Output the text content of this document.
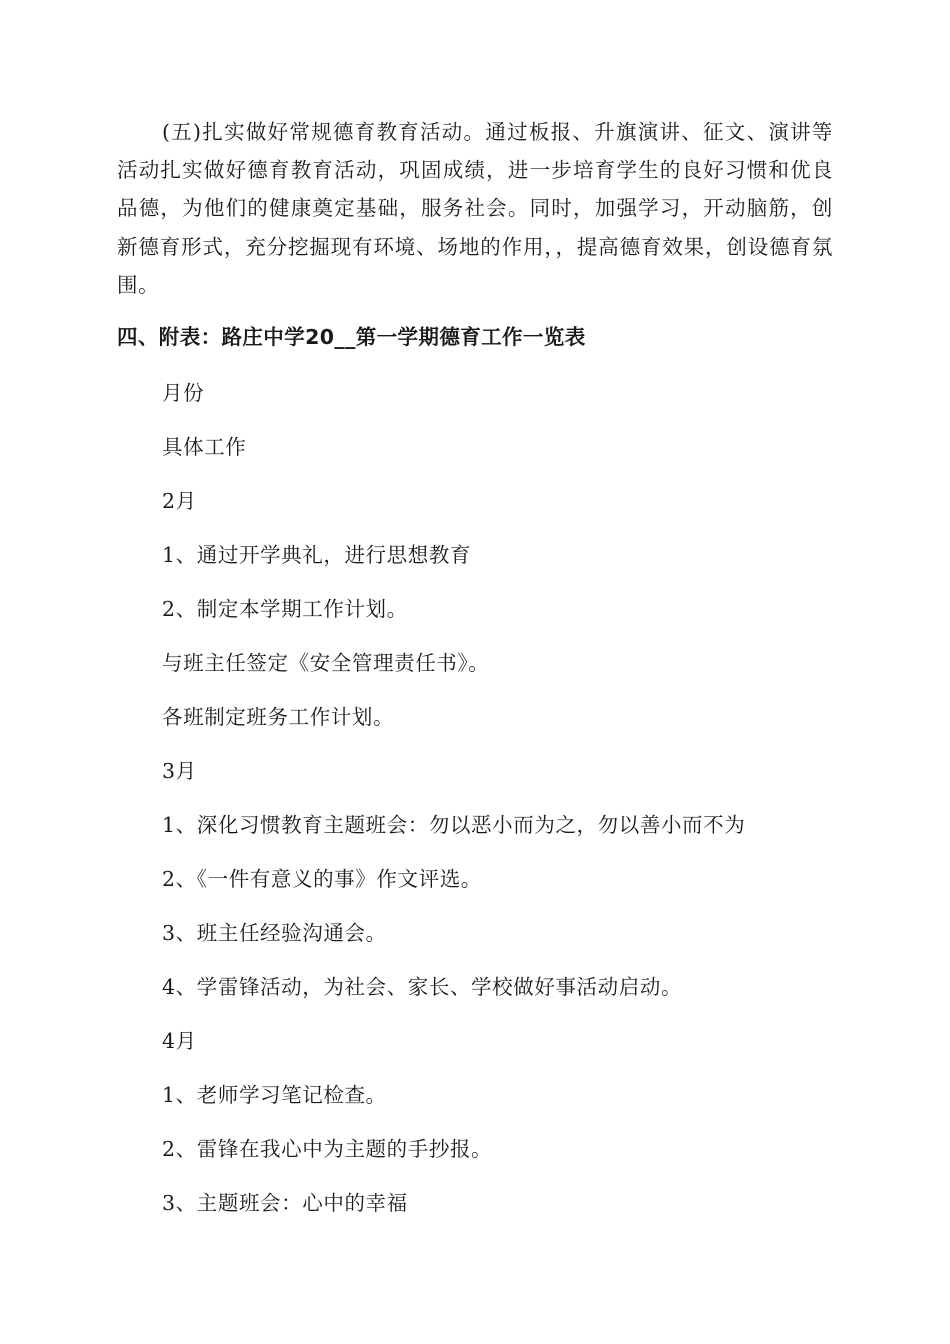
(五)扎实做好常规德育教育活动。通过板报、升旗演讲、征文、演讲等活动扎实做好德育教育活动，巩固成绩，进一步培育学生的良好习惯和优良品德，为他们的健康奠定基础，服务社会。同时，加强学习，开动脑筋，创新德育形式，充分挖掘现有环境、场地的作用，，提高德育效果，创设德育氛围。

四、附表：路庄中学20__第一学期德育工作一览表
月份
具体工作
2月
1、通过开学典礼，进行思想教育
2、制定本学期工作计划。
与班主任签定《安全管理责任书》。
各班制定班务工作计划。
3月
1、深化习惯教育主题班会：勿以恶小而为之，勿以善小而不为
2、《一件有意义的事》作文评选。
3、班主任经验沟通会。
4、学雷锋活动，为社会、家长、学校做好事活动启动。
4月
1、老师学习笔记检查。
2、雷锋在我心中为主题的手抄报。
3、主题班会：心中的幸福
